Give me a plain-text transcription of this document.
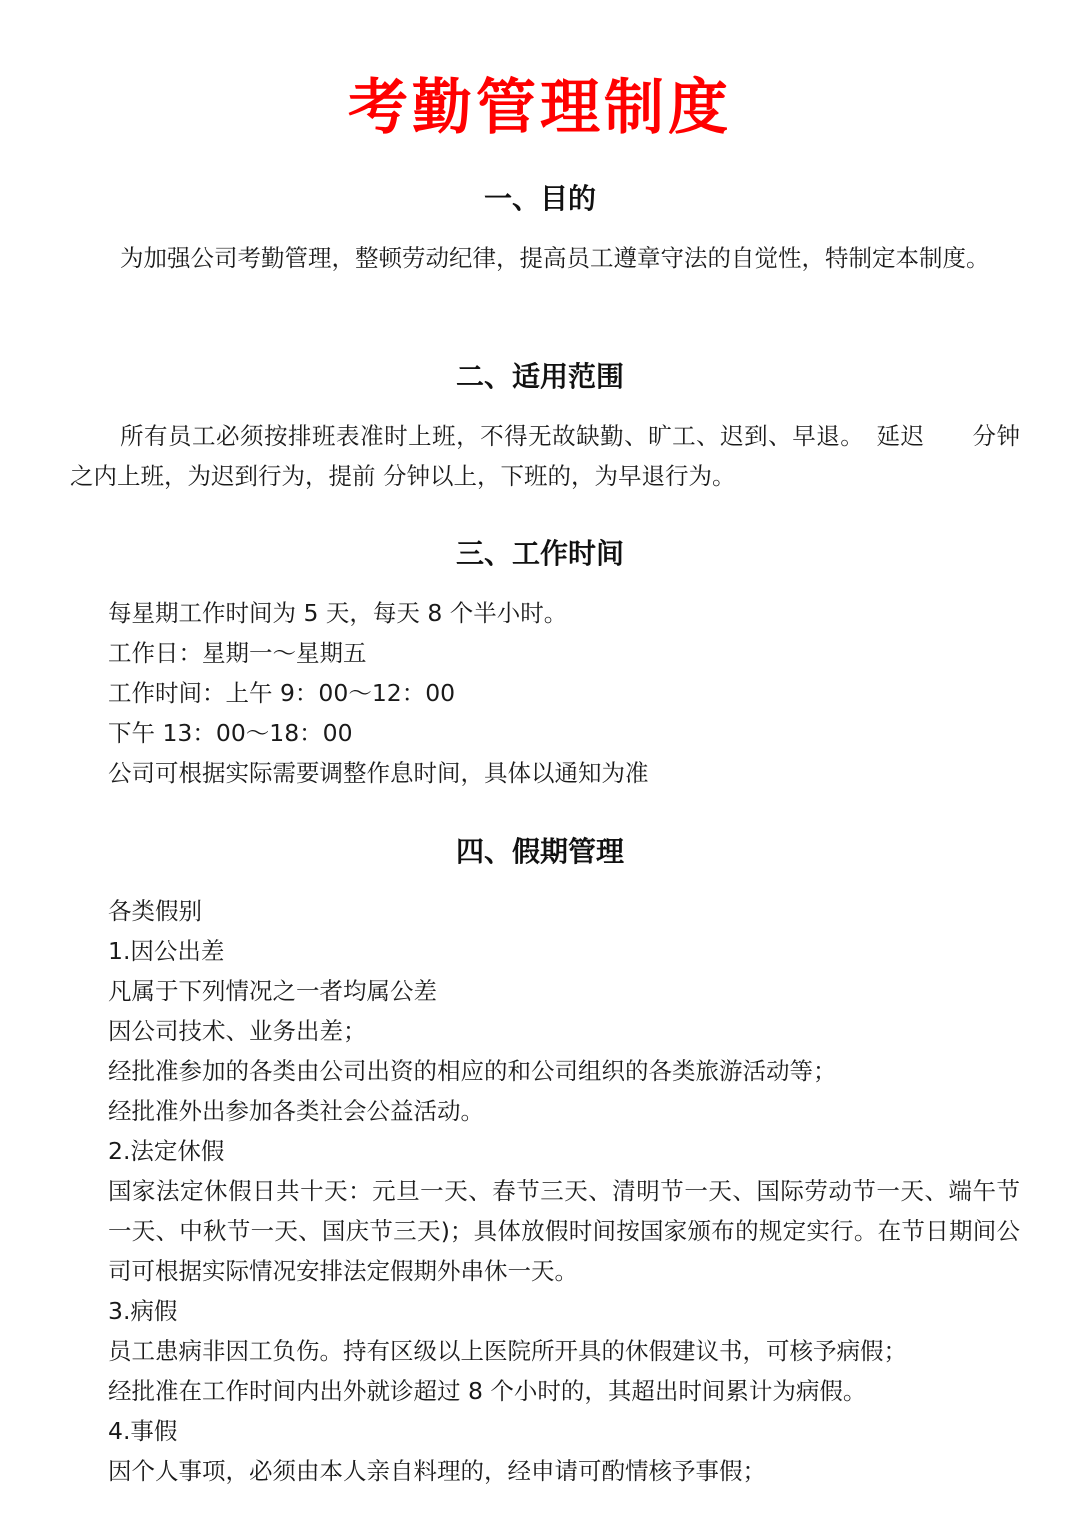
考勤管理制度
一、目的

为加强公司考勤管理，整顿劳动纪律，提高员工遵章守法的自觉性，特制定本制度。

二、适用范围

所有员工必须按排班表准时上班，不得无故缺勤、旷工、迟到、早退。　延迟　　分钟之内上班，为迟到行为，提前 分钟以上，下班的，为早退行为。

三、工作时间
每星期工作时间为 5 天，每天 8 个半小时。
工作日：星期一～星期五
工作时间：上午 9：00～12：00
下午 13：00～18：00
公司可根据实际需要调整作息时间，具体以通知为准
四、假期管理
各类假别
1.因公出差
凡属于下列情况之一者均属公差
因公司技术、业务出差；
经批准参加的各类由公司出资的相应的和公司组织的各类旅游活动等；
经批准外出参加各类社会公益活动。
2.法定休假
国家法定休假日共十天：元旦一天、春节三天、清明节一天、国际劳动节一天、端午节一天、中秋节一天、国庆节三天)；具体放假时间按国家颁布的规定实行。在节日期间公司可根据实际情况安排法定假期外串休一天。
3.病假
员工患病非因工负伤。持有区级以上医院所开具的休假建议书，可核予病假；
经批准在工作时间内出外就诊超过 8 个小时的，其超出时间累计为病假。
4.事假
因个人事项，必须由本人亲自料理的，经申请可酌情核予事假；
